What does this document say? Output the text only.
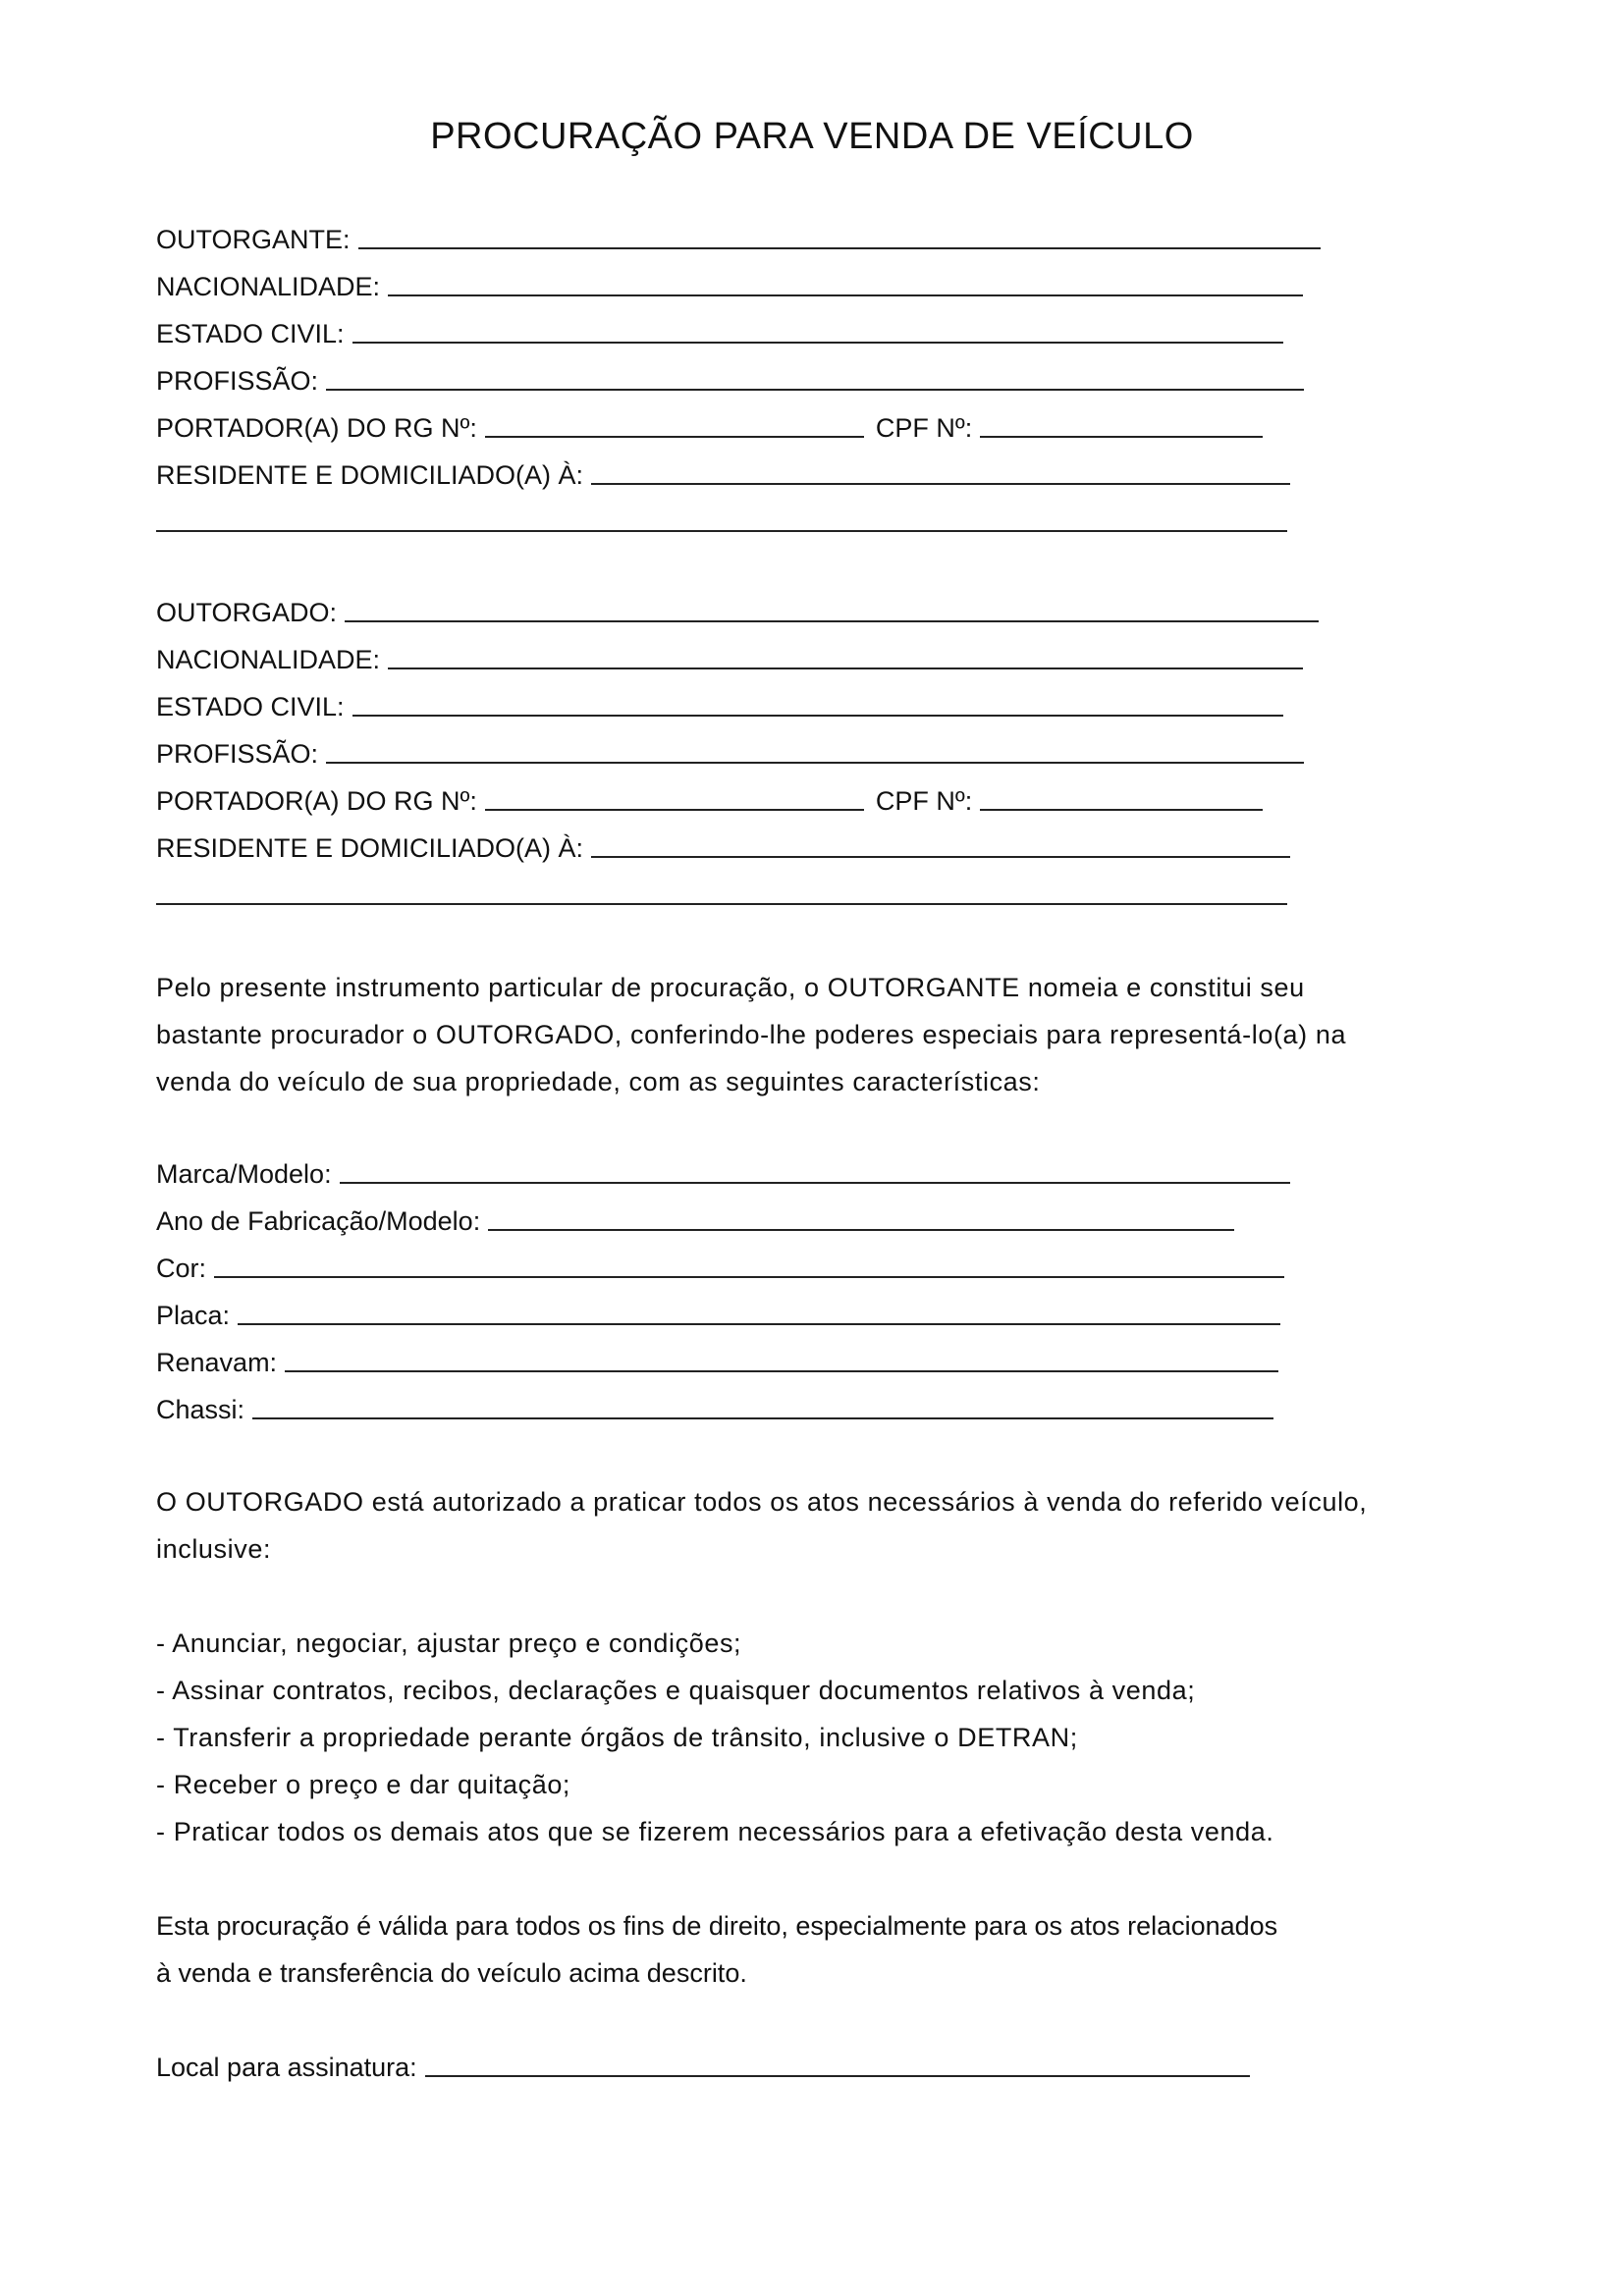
PROCURAÇÃO PARA VENDA DE VEÍCULO
OUTORGANTE:
NACIONALIDADE:
ESTADO CIVIL:
PROFISSÃO:
PORTADOR(A) DO RG Nº:	CPF Nº:
RESIDENTE E DOMICILIADO(A) À:
OUTORGADO:
NACIONALIDADE:
ESTADO CIVIL:
PROFISSÃO:
PORTADOR(A) DO RG Nº:	CPF Nº:
RESIDENTE E DOMICILIADO(A) À:
Pelo presente instrumento particular de procuração, o OUTORGANTE nomeia e constitui seu
bastante procurador o OUTORGADO, conferindo-lhe poderes especiais para representá-lo(a) na
venda do veículo de sua propriedade, com as seguintes características:
Marca/Modelo:
Ano de Fabricação/Modelo:
Cor:
Placa:
Renavam:
Chassi:
O OUTORGADO está autorizado a praticar todos os atos necessários à venda do referido veículo,
inclusive:
- Anunciar, negociar, ajustar preço e condições;
- Assinar contratos, recibos, declarações e quaisquer documentos relativos à venda;
- Transferir a propriedade perante órgãos de trânsito, inclusive o DETRAN;
- Receber o preço e dar quitação;
- Praticar todos os demais atos que se fizerem necessários para a efetivação desta venda.
Esta procuração é válida para todos os fins de direito, especialmente para os atos relacionados
à venda e transferência do veículo acima descrito.
Local para assinatura:
